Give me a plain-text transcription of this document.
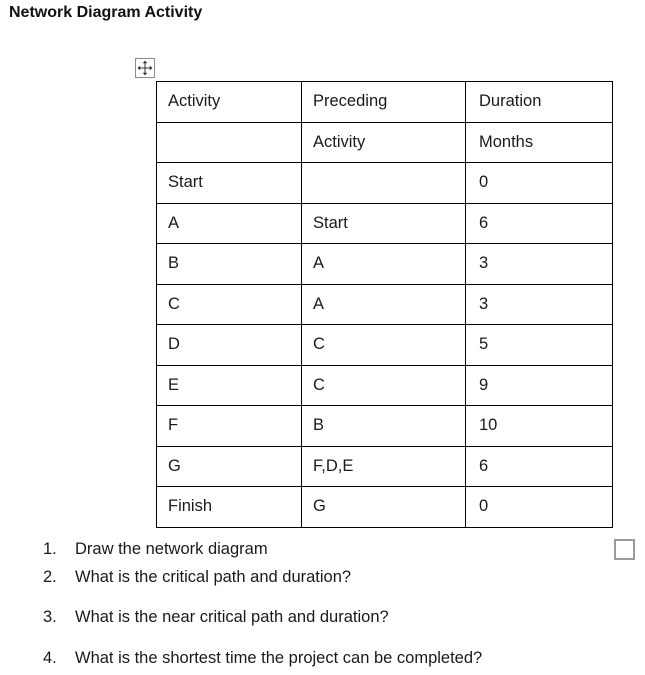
Network Diagram Activity
Activity	Preceding	Duration
	Activity	Months
Start		0
A	Start	6
B	A	3
C	A	3
D	C	5
E	C	9
F	B	10
G	F,D,E	6
Finish	G	0
1. Draw the network diagram
2. What is the critical path and duration?
3. What is the near critical path and duration?
4. What is the shortest time the project can be completed?
